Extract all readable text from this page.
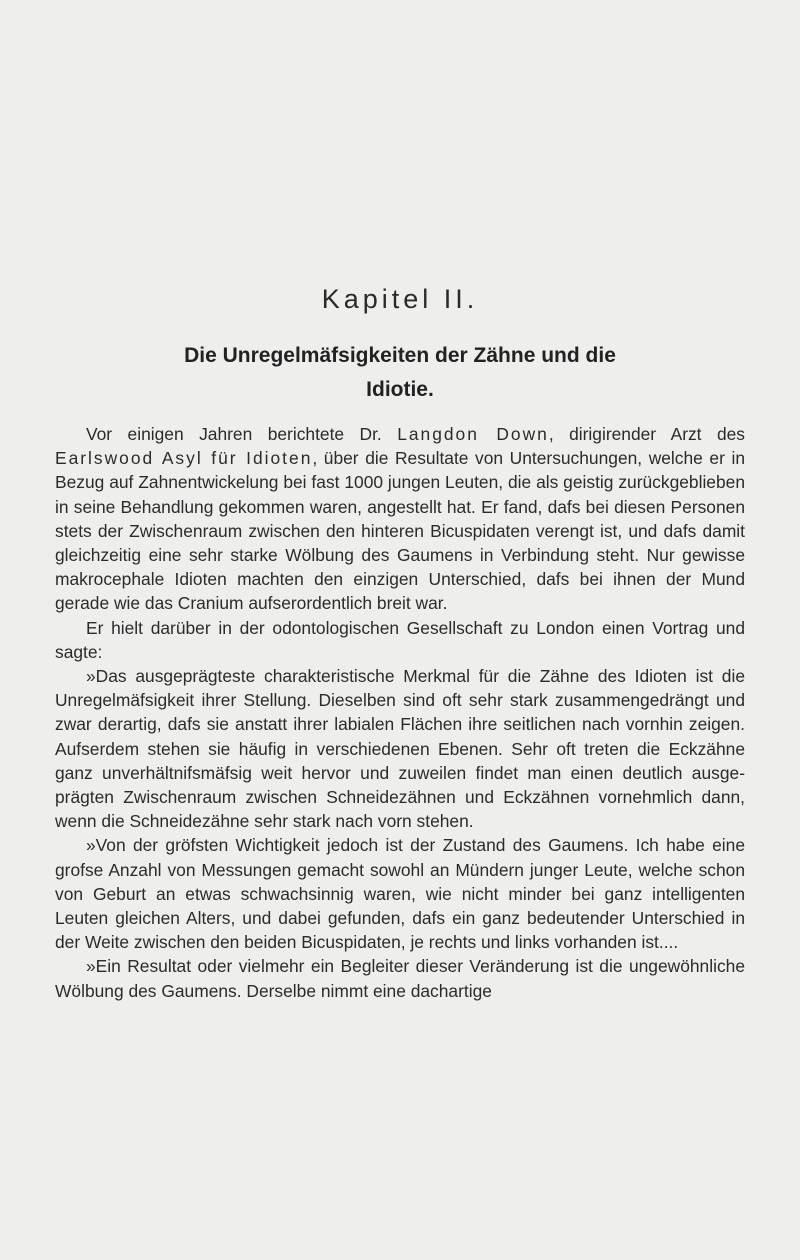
Kapitel II.
Die Unregelmäfsigkeiten der Zähne und die
Idiotie.

Vor einigen Jahren berichtete Dr. Langdon Down, dirigirender Arzt des Earlswood Asyl für Idioten, über die Resultate von Untersuchungen, welche er in Bezug auf Zahnentwickelung bei fast 1000 jungen Leuten, die als geistig zurückgeblieben in seine Behandlung gekommen waren, angestellt hat. Er fand, dafs bei diesen Personen stets der Zwischenraum zwischen den hinteren Bicuspidaten verengt ist, und dafs damit gleichzeitig eine sehr starke Wölbung des Gaumens in Verbindung steht. Nur gewisse makrocephale Idioten machten den einzigen Unterschied, dafs bei ihnen der Mund gerade wie das Cranium aufserordentlich breit war.

Er hielt darüber in der odontologischen Gesellschaft zu London einen Vortrag und sagte:

»Das ausgeprägteste charakteristische Merkmal für die Zähne des Idioten ist die Unregelmäfsigkeit ihrer Stellung. Dieselben sind oft sehr stark zusammengedrängt und zwar derartig, dafs sie anstatt ihrer labialen Flächen ihre seitlichen nach vornhin zeigen. Aufserdem stehen sie häufig in verschiedenen Ebenen. Sehr oft treten die Eckzähne ganz unverhältnifsmäfsig weit hervor und zuweilen findet man einen deutlich ausgeprägten Zwischenraum zwischen Schneidezähnen und Eckzähnen vornehmlich dann, wenn die Schneidezähne sehr stark nach vorn stehen.

»Von der gröfsten Wichtigkeit jedoch ist der Zustand des Gaumens. Ich habe eine grofse Anzahl von Messungen gemacht sowohl an Mündern junger Leute, welche schon von Geburt an etwas schwachsinnig waren, wie nicht minder bei ganz intelligenten Leuten gleichen Alters, und dabei gefunden, dafs ein ganz bedeutender Unterschied in der Weite zwischen den beiden Bicuspidaten, je rechts und links vorhanden ist....

»Ein Resultat oder vielmehr ein Begleiter dieser Veränderung ist die ungewöhnliche Wölbung des Gaumens. Derselbe nimmt eine dachartige
